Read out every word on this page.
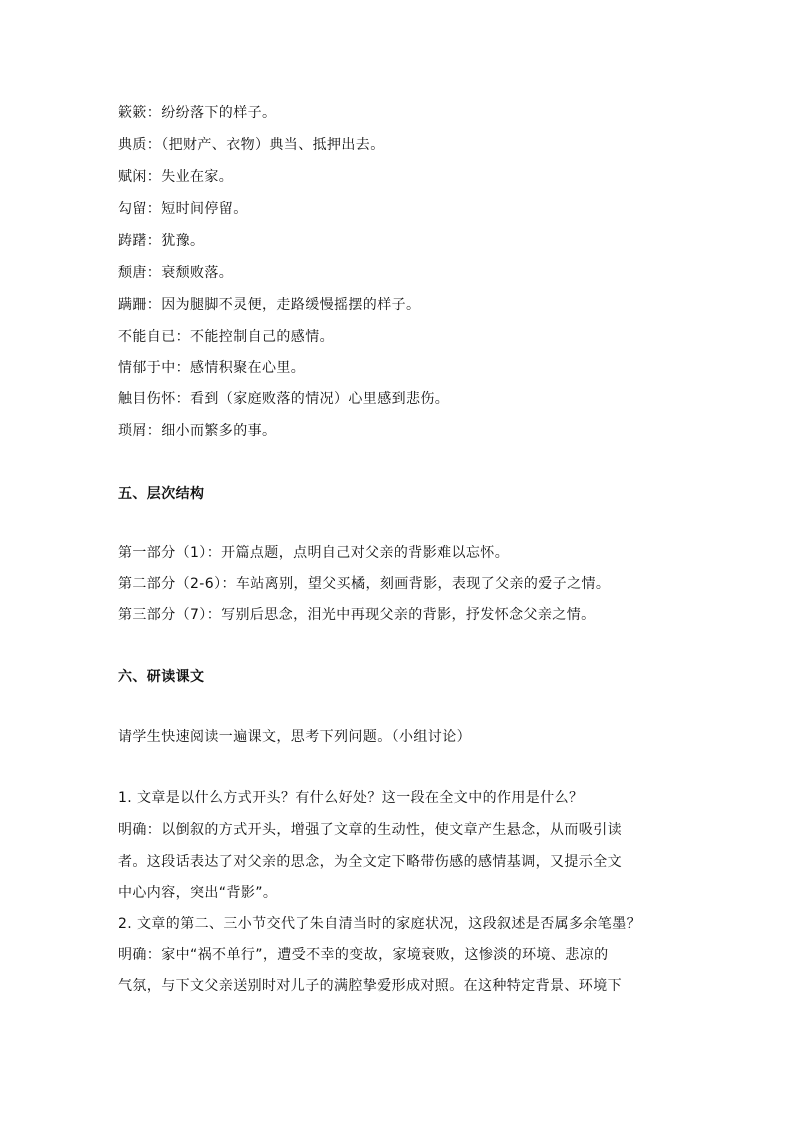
簌簌：纷纷落下的样子。
典质：（把财产、衣物）典当、抵押出去。
赋闲：失业在家。
勾留：短时间停留。
踌躇：犹豫。
颓唐：衰颓败落。
蹒跚：因为腿脚不灵便，走路缓慢摇摆的样子。
不能自已：不能控制自己的感情。
情郁于中：感情积聚在心里。
触目伤怀：看到（家庭败落的情况）心里感到悲伤。
琐屑：细小而繁多的事。
五、层次结构
第一部分（1）：开篇点题，点明自己对父亲的背影难以忘怀。
第二部分（2-6）：车站离别，望父买橘，刻画背影，表现了父亲的爱子之情。
第三部分（7）：写别后思念，泪光中再现父亲的背影，抒发怀念父亲之情。
六、研读课文
请学生快速阅读一遍课文，思考下列问题。（小组讨论）
1. 文章是以什么方式开头？有什么好处？这一段在全文中的作用是什么？
明确：以倒叙的方式开头，增强了文章的生动性，使文章产生悬念，从而吸引读
者。这段话表达了对父亲的思念，为全文定下略带伤感的感情基调，又提示全文
中心内容，突出“背影”。
2. 文章的第二、三小节交代了朱自清当时的家庭状况，这段叙述是否属多余笔墨？
明确：家中“祸不单行”，遭受不幸的变故，家境衰败，这惨淡的环境、悲凉的
气氛，与下文父亲送别时对儿子的满腔挚爱形成对照。在这种特定背景、环境下
